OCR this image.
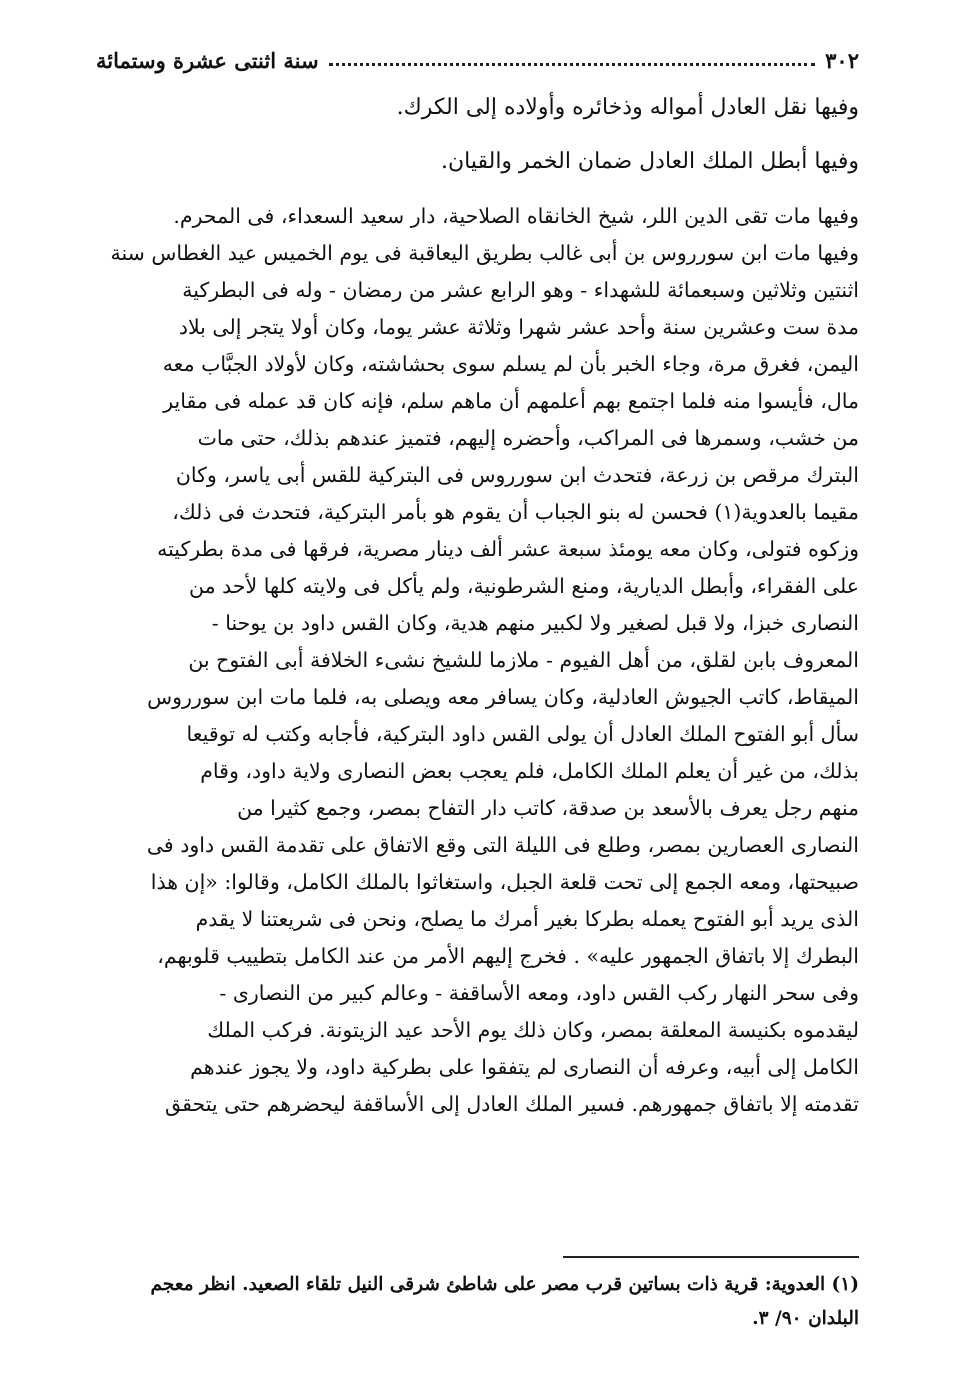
٣٠٢
سنة اثنتى عشرة وستمائة
وفيها نقل العادل أمواله وذخائره وأولاده إلى الكرك.
وفيها أبطل الملك العادل ضمان الخمر والقيان.
وفيها مات تقى الدين اللر، شيخ الخانقاه الصلاحية، دار سعيد السعداء، فى المحرم.
وفيها مات ابن سورروس بن أبى غالب بطريق اليعاقبة فى يوم الخميس عيد الغطاس سنة
اثنتين وثلاثين وسبعمائة للشهداء - وهو الرابع عشر من رمضان - وله فى البطركية
مدة ست وعشرين سنة وأحد عشر شهرا وثلاثة عشر يوما، وكان أولا يتجر إلى بلاد
اليمن، فغرق مرة، وجاء الخبر بأن لم يسلم سوى بحشاشته، وكان لأولاد الجبَّاب معه
مال، فأيسوا منه فلما اجتمع بهم أعلمهم أن ماهم سلم، فإنه كان قد عمله فى مقاير
من خشب، وسمرها فى المراكب، وأحضره إليهم، فتميز عندهم بذلك، حتى مات
البترك مرقص بن زرعة، فتحدث ابن سورروس فى البتركية للقس أبى ياسر، وكان
مقيما بالعدوية(١) فحسن له بنو الجباب أن يقوم هو بأمر البتركية، فتحدث فى ذلك،
وزكوه فتولى، وكان معه يومئذ سبعة عشر ألف دينار مصرية، فرقها فى مدة بطركيته
على الفقراء، وأبطل الديارية، ومنع الشرطونية، ولم يأكل فى ولايته كلها لأحد من
النصارى خبزا، ولا قبل لصغير ولا لكبير منهم هدية، وكان القس داود بن يوحنا -
المعروف بابن لقلق، من أهل الفيوم - ملازما للشيخ نشىء الخلافة أبى الفتوح بن
الميقاط، كاتب الجيوش العادلية، وكان يسافر معه ويصلى به، فلما مات ابن سورروس
سأل أبو الفتوح الملك العادل أن يولى القس داود البتركية، فأجابه وكتب له توقيعا
بذلك، من غير أن يعلم الملك الكامل، فلم يعجب بعض النصارى ولاية داود، وقام
منهم رجل يعرف بالأسعد بن صدقة، كاتب دار التفاح بمصر، وجمع كثيرا من
النصارى العصارين بمصر، وطلع فى الليلة التى وقع الاتفاق على تقدمة القس داود فى
صبيحتها، ومعه الجمع إلى تحت قلعة الجبل، واستغاثوا بالملك الكامل، وقالوا: «إن هذا
الذى يريد أبو الفتوح يعمله بطركا بغير أمرك ما يصلح، ونحن فى شريعتنا لا يقدم
البطرك إلا باتفاق الجمهور عليه» . فخرج إليهم الأمر من عند الكامل بتطييب قلوبهم،
وفى سحر النهار ركب القس داود، ومعه الأساقفة - وعالم كبير من النصارى -
ليقدموه بكنيسة المعلقة بمصر، وكان ذلك يوم الأحد عيد الزيتونة. فركب الملك
الكامل إلى أبيه، وعرفه أن النصارى لم يتفقوا على بطركية داود، ولا يجوز عندهم
تقدمته إلا باتفاق جمهورهم. فسير الملك العادل إلى الأساقفة ليحضرهم حتى يتحقق
(١) العدوية: قرية ذات بساتين قرب مصر على شاطئ شرقى النيل تلقاء الصعيد. انظر معجم
البلدان ٩٠/ ٣.
